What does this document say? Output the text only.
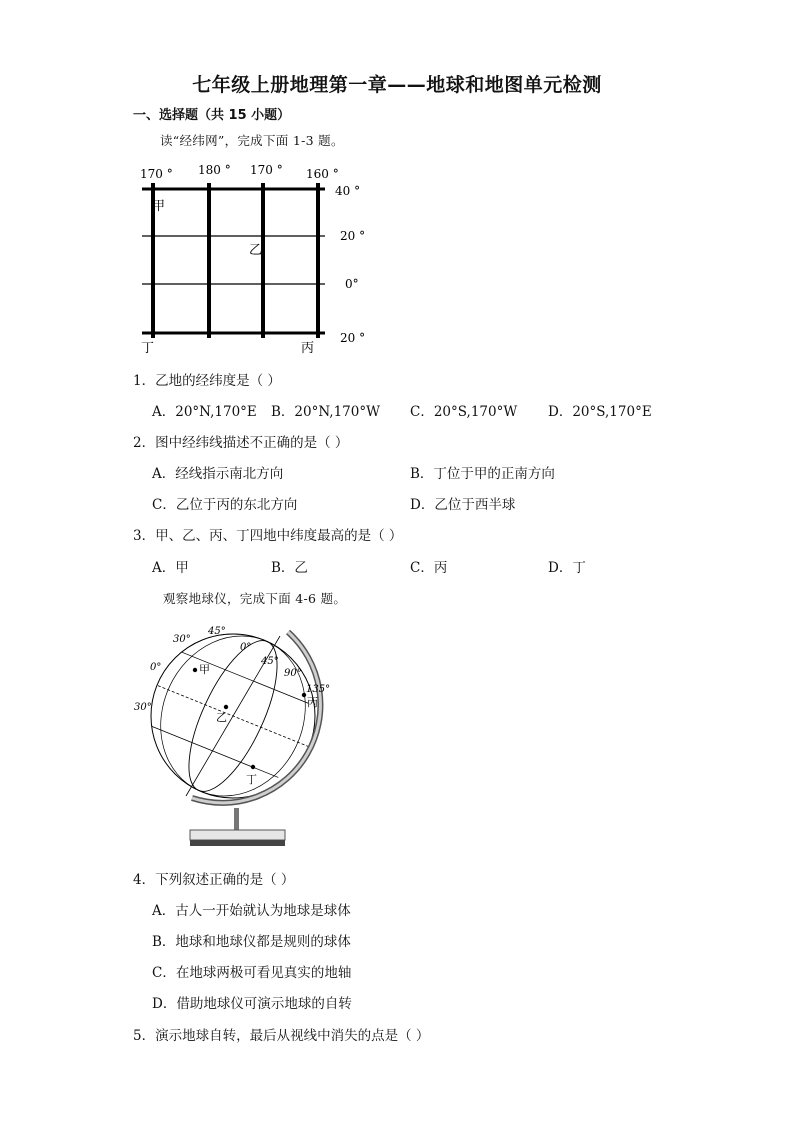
七年级上册地理第一章——地球和地图单元检测
一、选择题（共 15 小题）
读“经纬网”，完成下面 1-3 题。
170 ° 180 ° 170 ° 160 °
40 °
20 °
0°
20 °
甲
乙
丁	丙
1．乙地的经纬度是（ ）
A．20°N,170°E B．20°N,170°W C．20°S,170°W D．20°S,170°E
2．图中经纬线描述不正确的是（ ）
A．经线指示南北方向	B．丁位于甲的正南方向
C．乙位于丙的东北方向	D．乙位于西半球
3．甲、乙、丙、丁四地中纬度最高的是（ ）
A．甲	B．乙	C．丙	D．丁
观察地球仪，完成下面 4-6 题。
30°
45°
0°
0°
45°
90°
135°
30°
甲
乙
丙
丁
4．下列叙述正确的是（ ）
A．古人一开始就认为地球是球体
B．地球和地球仪都是规则的球体
C．在地球两极可看见真实的地轴
D．借助地球仪可演示地球的自转
5．演示地球自转，最后从视线中消失的点是（ ）
